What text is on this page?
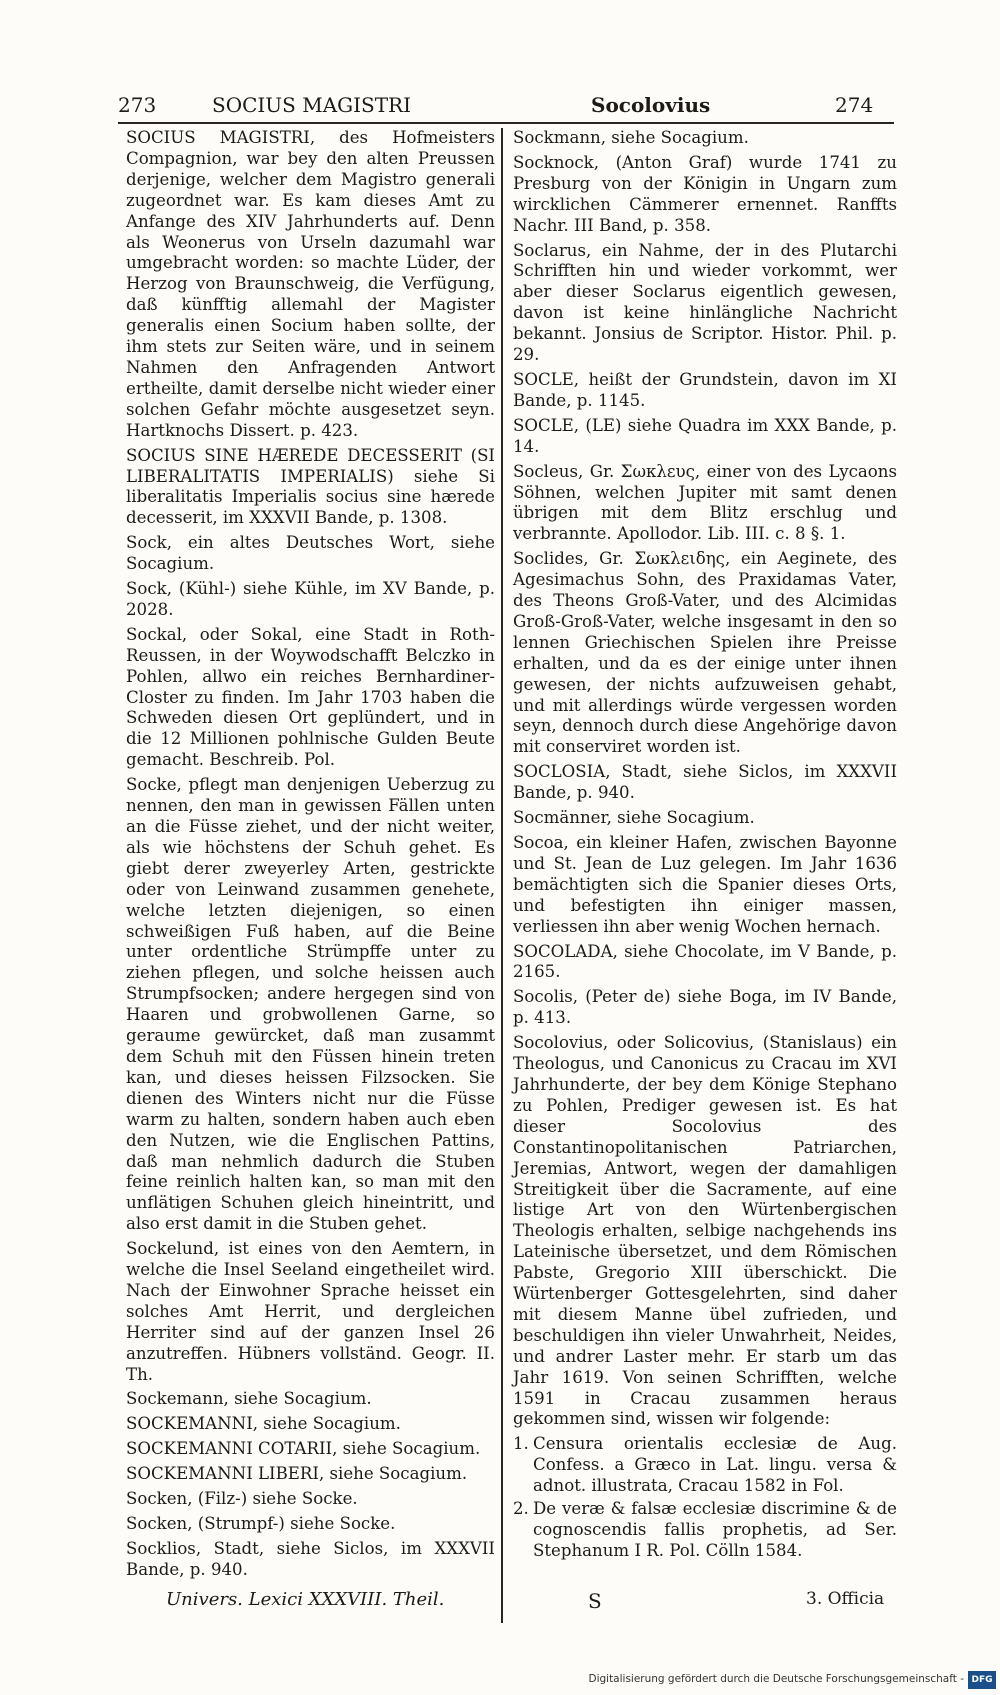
273	SOCIUS MAGISTRI	Socolovius	274

SOCIUS MAGISTRI, des Hofmeisters Compagnion, war bey den alten Preussen derjenige, welcher dem Magistro generali zugeordnet war. Es kam dieses Amt zu Anfange des XIV Jahrhunderts auf. Denn als Weonerus von Urseln dazumahl war umgebracht worden: so machte Lüder, der Herzog von Braunschweig, die Verfügung, daß künfftig allemahl der Magister generalis einen Socium haben sollte, der ihm stets zur Seiten wäre, und in seinem Nahmen den Anfragenden Antwort ertheilte, damit derselbe nicht wieder einer solchen Gefahr möchte ausgesetzet seyn. Hartknochs Dissert. p. 423.

SOCIUS SINE HÆREDE DECESSERIT (SI LIBERALITATIS IMPERIALIS) siehe Si liberalitatis Imperialis socius sine hærede decesserit, im XXXVII Bande, p. 1308.

Sock, ein altes Deutsches Wort, siehe Socagium.

Sock, (Kühl-) siehe Kühle, im XV Bande, p. 2028.

Sockal, oder Sokal, eine Stadt in Roth-Reussen, in der Woywodschafft Belczko in Pohlen, allwo ein reiches Bernhardiner-Closter zu finden. Im Jahr 1703 haben die Schweden diesen Ort geplündert, und in die 12 Millionen pohlnische Gulden Beute gemacht. Beschreib. Pol.

Socke, pflegt man denjenigen Ueberzug zu nennen, den man in gewissen Fällen unten an die Füsse ziehet, und der nicht weiter, als wie höchstens der Schuh gehet. Es giebt derer zweyerley Arten, gestrickte oder von Leinwand zusammen genehete, welche letzten diejenigen, so einen schweißigen Fuß haben, auf die Beine unter ordentliche Strümpffe unter zu ziehen pflegen, und solche heissen auch Strumpfsocken; andere hergegen sind von Haaren und grobwollenen Garne, so geraume gewürcket, daß man zusammt dem Schuh mit den Füssen hinein treten kan, und dieses heissen Filzsocken. Sie dienen des Winters nicht nur die Füsse warm zu halten, sondern haben auch eben den Nutzen, wie die Englischen Pattins, daß man nehmlich dadurch die Stuben feine reinlich halten kan, so man mit den unflätigen Schuhen gleich hineintritt, und also erst damit in die Stuben gehet.

Sockelund, ist eines von den Aemtern, in welche die Insel Seeland eingetheilet wird. Nach der Einwohner Sprache heisset ein solches Amt Herrit, und dergleichen Herriter sind auf der ganzen Insel 26 anzutreffen. Hübners vollständ. Geogr. II. Th.

Sockemann, siehe Socagium.

SOCKEMANNI, siehe Socagium.

SOCKEMANNI COTARII, siehe Socagium.

SOCKEMANNI LIBERI, siehe Socagium.

Socken, (Filz-) siehe Socke.

Socken, (Strumpf-) siehe Socke.

Socklios, Stadt, siehe Siclos, im XXXVII Bande, p. 940.

Sockmann, siehe Socagium.

Socknock, (Anton Graf) wurde 1741 zu Presburg von der Königin in Ungarn zum wircklichen Cämmerer ernennet. Ranffts Nachr. III Band, p. 358.

Soclarus, ein Nahme, der in des Plutarchi Schrifften hin und wieder vorkommt, wer aber dieser Soclarus eigentlich gewesen, davon ist keine hinlängliche Nachricht bekannt. Jonsius de Scriptor. Histor. Phil. p. 29.

SOCLE, heißt der Grundstein, davon im XI Bande, p. 1145.

SOCLE, (LE) siehe Quadra im XXX Bande, p. 14.

Socleus, Gr. Σωκλευς, einer von des Lycaons Söhnen, welchen Jupiter mit samt denen übrigen mit dem Blitz erschlug und verbrannte. Apollodor. Lib. III. c. 8 §. 1.

Soclides, Gr. Σωκλειδης, ein Aeginete, des Agesimachus Sohn, des Praxidamas Vater, des Theons Groß-Vater, und des Alcimidas Groß-Groß-Vater, welche insgesamt in den so lennen Griechischen Spielen ihre Preisse erhalten, und da es der einige unter ihnen gewesen, der nichts aufzuweisen gehabt, und mit allerdings würde vergessen worden seyn, dennoch durch diese Angehörige davon mit conserviret worden ist.

SOCLOSIA, Stadt, siehe Siclos, im XXXVII Bande, p. 940.

Socmänner, siehe Socagium.

Socoa, ein kleiner Hafen, zwischen Bayonne und St. Jean de Luz gelegen. Im Jahr 1636 bemächtigten sich die Spanier dieses Orts, und befestigten ihn einiger massen, verliessen ihn aber wenig Wochen hernach.

SOCOLADA, siehe Chocolate, im V Bande, p. 2165.

Socolis, (Peter de) siehe Boga, im IV Bande, p. 413.

Socolovius, oder Solicovius, (Stanislaus) ein Theologus, und Canonicus zu Cracau im XVI Jahrhunderte, der bey dem Könige Stephano zu Pohlen, Prediger gewesen ist. Es hat dieser Socolovius des Constantinopolitanischen Patriarchen, Jeremias, Antwort, wegen der damahligen Streitigkeit über die Sacramente, auf eine listige Art von den Würtenbergischen Theologis erhalten, selbige nachgehends ins Lateinische übersetzet, und dem Römischen Pabste, Gregorio XIII überschickt. Die Würtenberger Gottesgelehrten, sind daher mit diesem Manne übel zufrieden, und beschuldigen ihn vieler Unwahrheit, Neides, und andrer Laster mehr. Er starb um das Jahr 1619. Von seinen Schrifften, welche 1591 in Cracau zusammen heraus gekommen sind, wissen wir folgende:

1. Censura orientalis ecclesiæ de Aug. Confess. a Græco in Lat. lingu. versa & adnot. illustrata, Cracau 1582 in Fol.
2. De veræ & falsæ ecclesiæ discrimine & de cognoscendis fallis prophetis, ad Ser. Stephanum I R. Pol. Cölln 1584.
Univers. Lexici XXXVIII. Theil.	S	3. Officia
Digitalisierung gefördert durch die Deutsche Forschungsgemeinschaft - DFG
